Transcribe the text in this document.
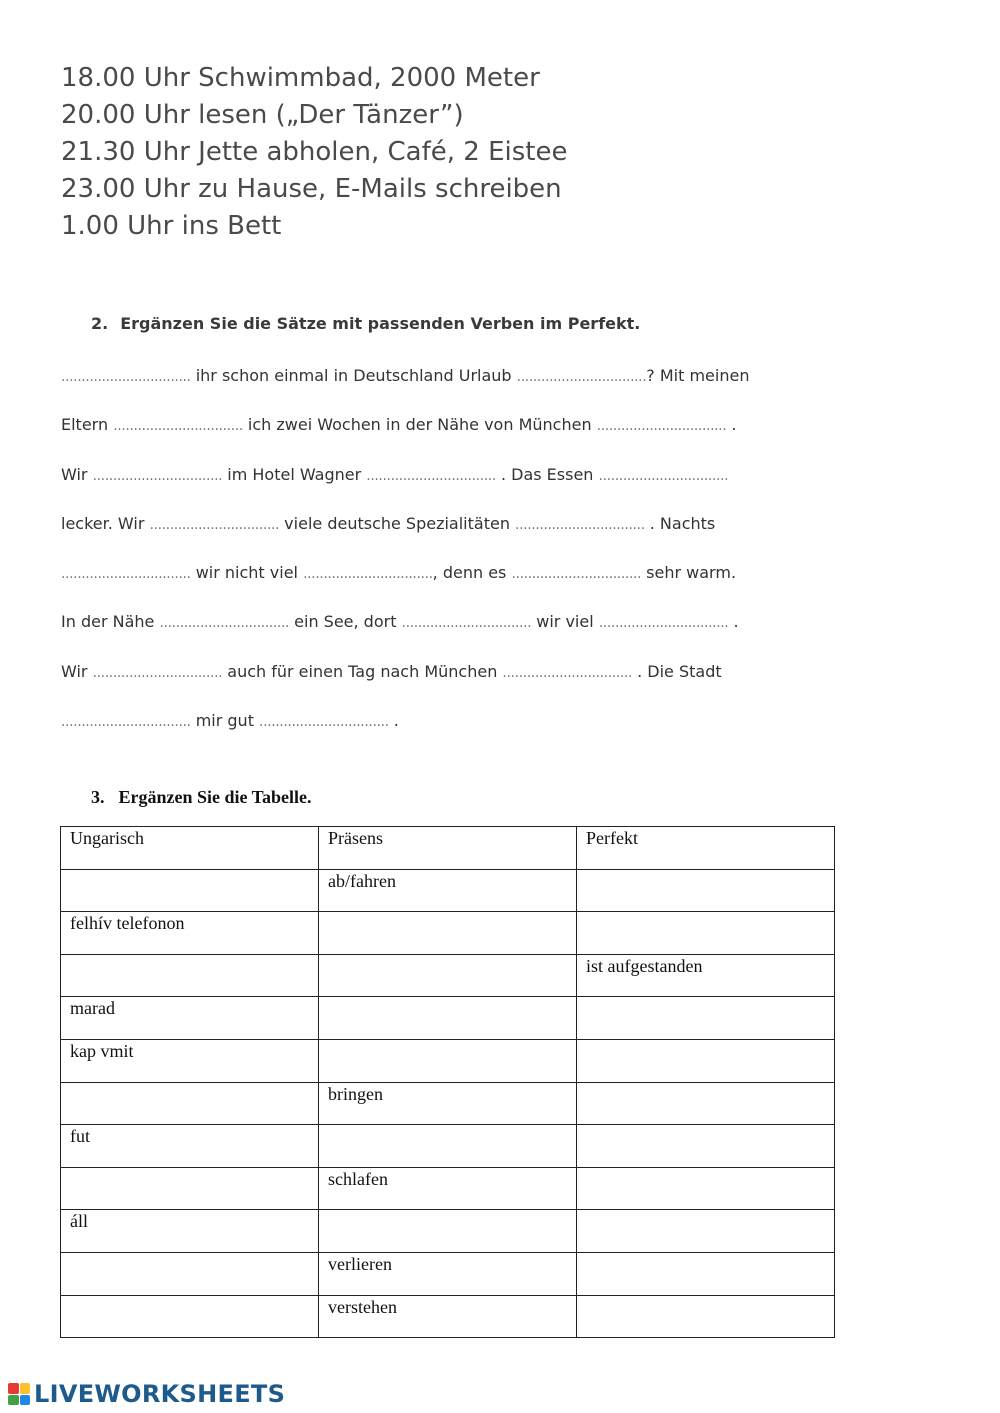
18.00 Uhr Schwimmbad, 2000 Meter
20.00 Uhr lesen („Der Tänzer”)
21.30 Uhr Jette abholen, Café, 2 Eistee
23.00 Uhr zu Hause, E-Mails schreiben
1.00 Uhr ins Bett
2. Ergänzen Sie die Sätze mit passenden Verben im Perfekt.
................................ ihr schon einmal in Deutschland Urlaub ................................? Mit meinen
Eltern ................................ ich zwei Wochen in der Nähe von München ................................ .
Wir ................................ im Hotel Wagner ................................ . Das Essen ................................
lecker. Wir ................................ viele deutsche Spezialitäten ................................ . Nachts
................................ wir nicht viel ................................, denn es ................................ sehr warm.
In der Nähe ................................ ein See, dort ................................ wir viel ................................ .
Wir ................................ auch für einen Tag nach München ................................ . Die Stadt
................................ mir gut ................................ .
3. Ergänzen Sie die Tabelle.
Ungarisch	Präsens	Perfekt
	ab/fahren	
felhív telefonon		
		ist aufgestanden
marad		
kap vmit		
	bringen	
fut		
	schlafen	
áll		
	verlieren	
	verstehen	
LIVEWORKSHEETS
